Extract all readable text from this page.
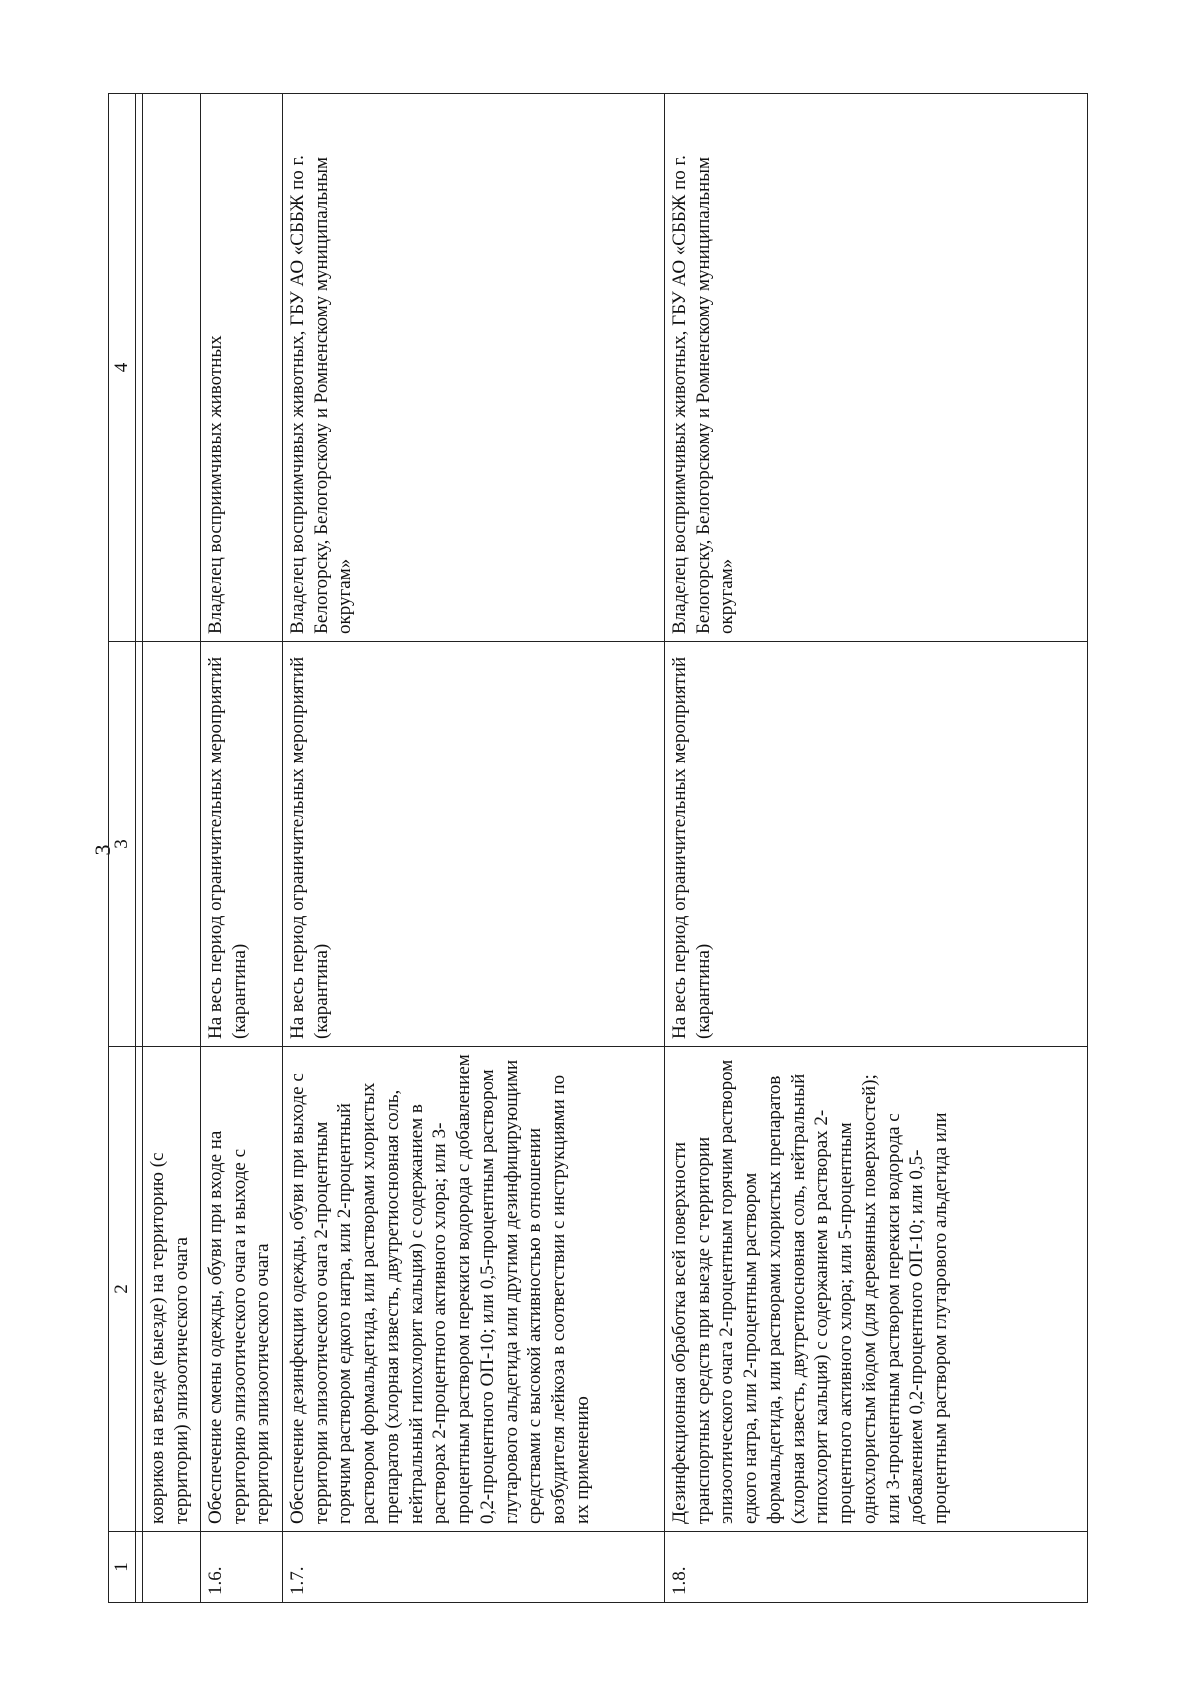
3
1	2	3	4

	ковриков на въезде (выезде) на территорию (с территории) эпизоотического очага		
1.6.	Обеспечение смены одежды, обуви при входе на территорию эпизоотического очага и выходе с территории эпизоотического очага	На весь период ограничительных мероприятий (карантина)	Владелец восприимчивых животных
1.7.	Обеспечение дезинфекции одежды, обуви при выходе с территории эпизоотического очага 2-процентным горячим раствором едкого натра, или 2-процентный раствором формальдегида, или растворами хлористых препаратов (хлорная известь, двутретиосновная соль, нейтральный гипохлорит кальция) с содержанием в растворах 2-процентного активного хлора; или 3-процентным раствором перекиси водорода с добавлением 0,2-процентного ОП-10; или 0,5-процентным раствором глутарового альдегида или другими дезинфицирующими средствами с высокой активностью в отношении возбудителя лейкоза в соответствии с инструкциями по их применению	На весь период ограничительных мероприятий (карантина)	Владелец восприимчивых животных, ГБУ АО «СББЖ по г. Белогорску, Белогорскому и Ромненскому муниципальным округам»
1.8.	Дезинфекционная обработка всей поверхности транспортных средств при выезде с территории эпизоотического очага 2-процентным горячим раствором едкого натра, или 2-процентным раствором формальдегида, или растворами хлористых препаратов (хлорная известь, двутретиосновная соль, нейтральный гипохлорит кальция) с содержанием в растворах 2-процентного активного хлора; или 5-процентным однохлористым йодом (для деревянных поверхностей); или 3-процентным раствором перекиси водорода с добавлением 0,2-процентного ОП-10; или 0,5-процентным раствором глутарового альдегида или	На весь период ограничительных мероприятий (карантина)	Владелец восприимчивых животных, ГБУ АО «СББЖ по г. Белогорску, Белогорскому и Ромненскому муниципальным округам»
